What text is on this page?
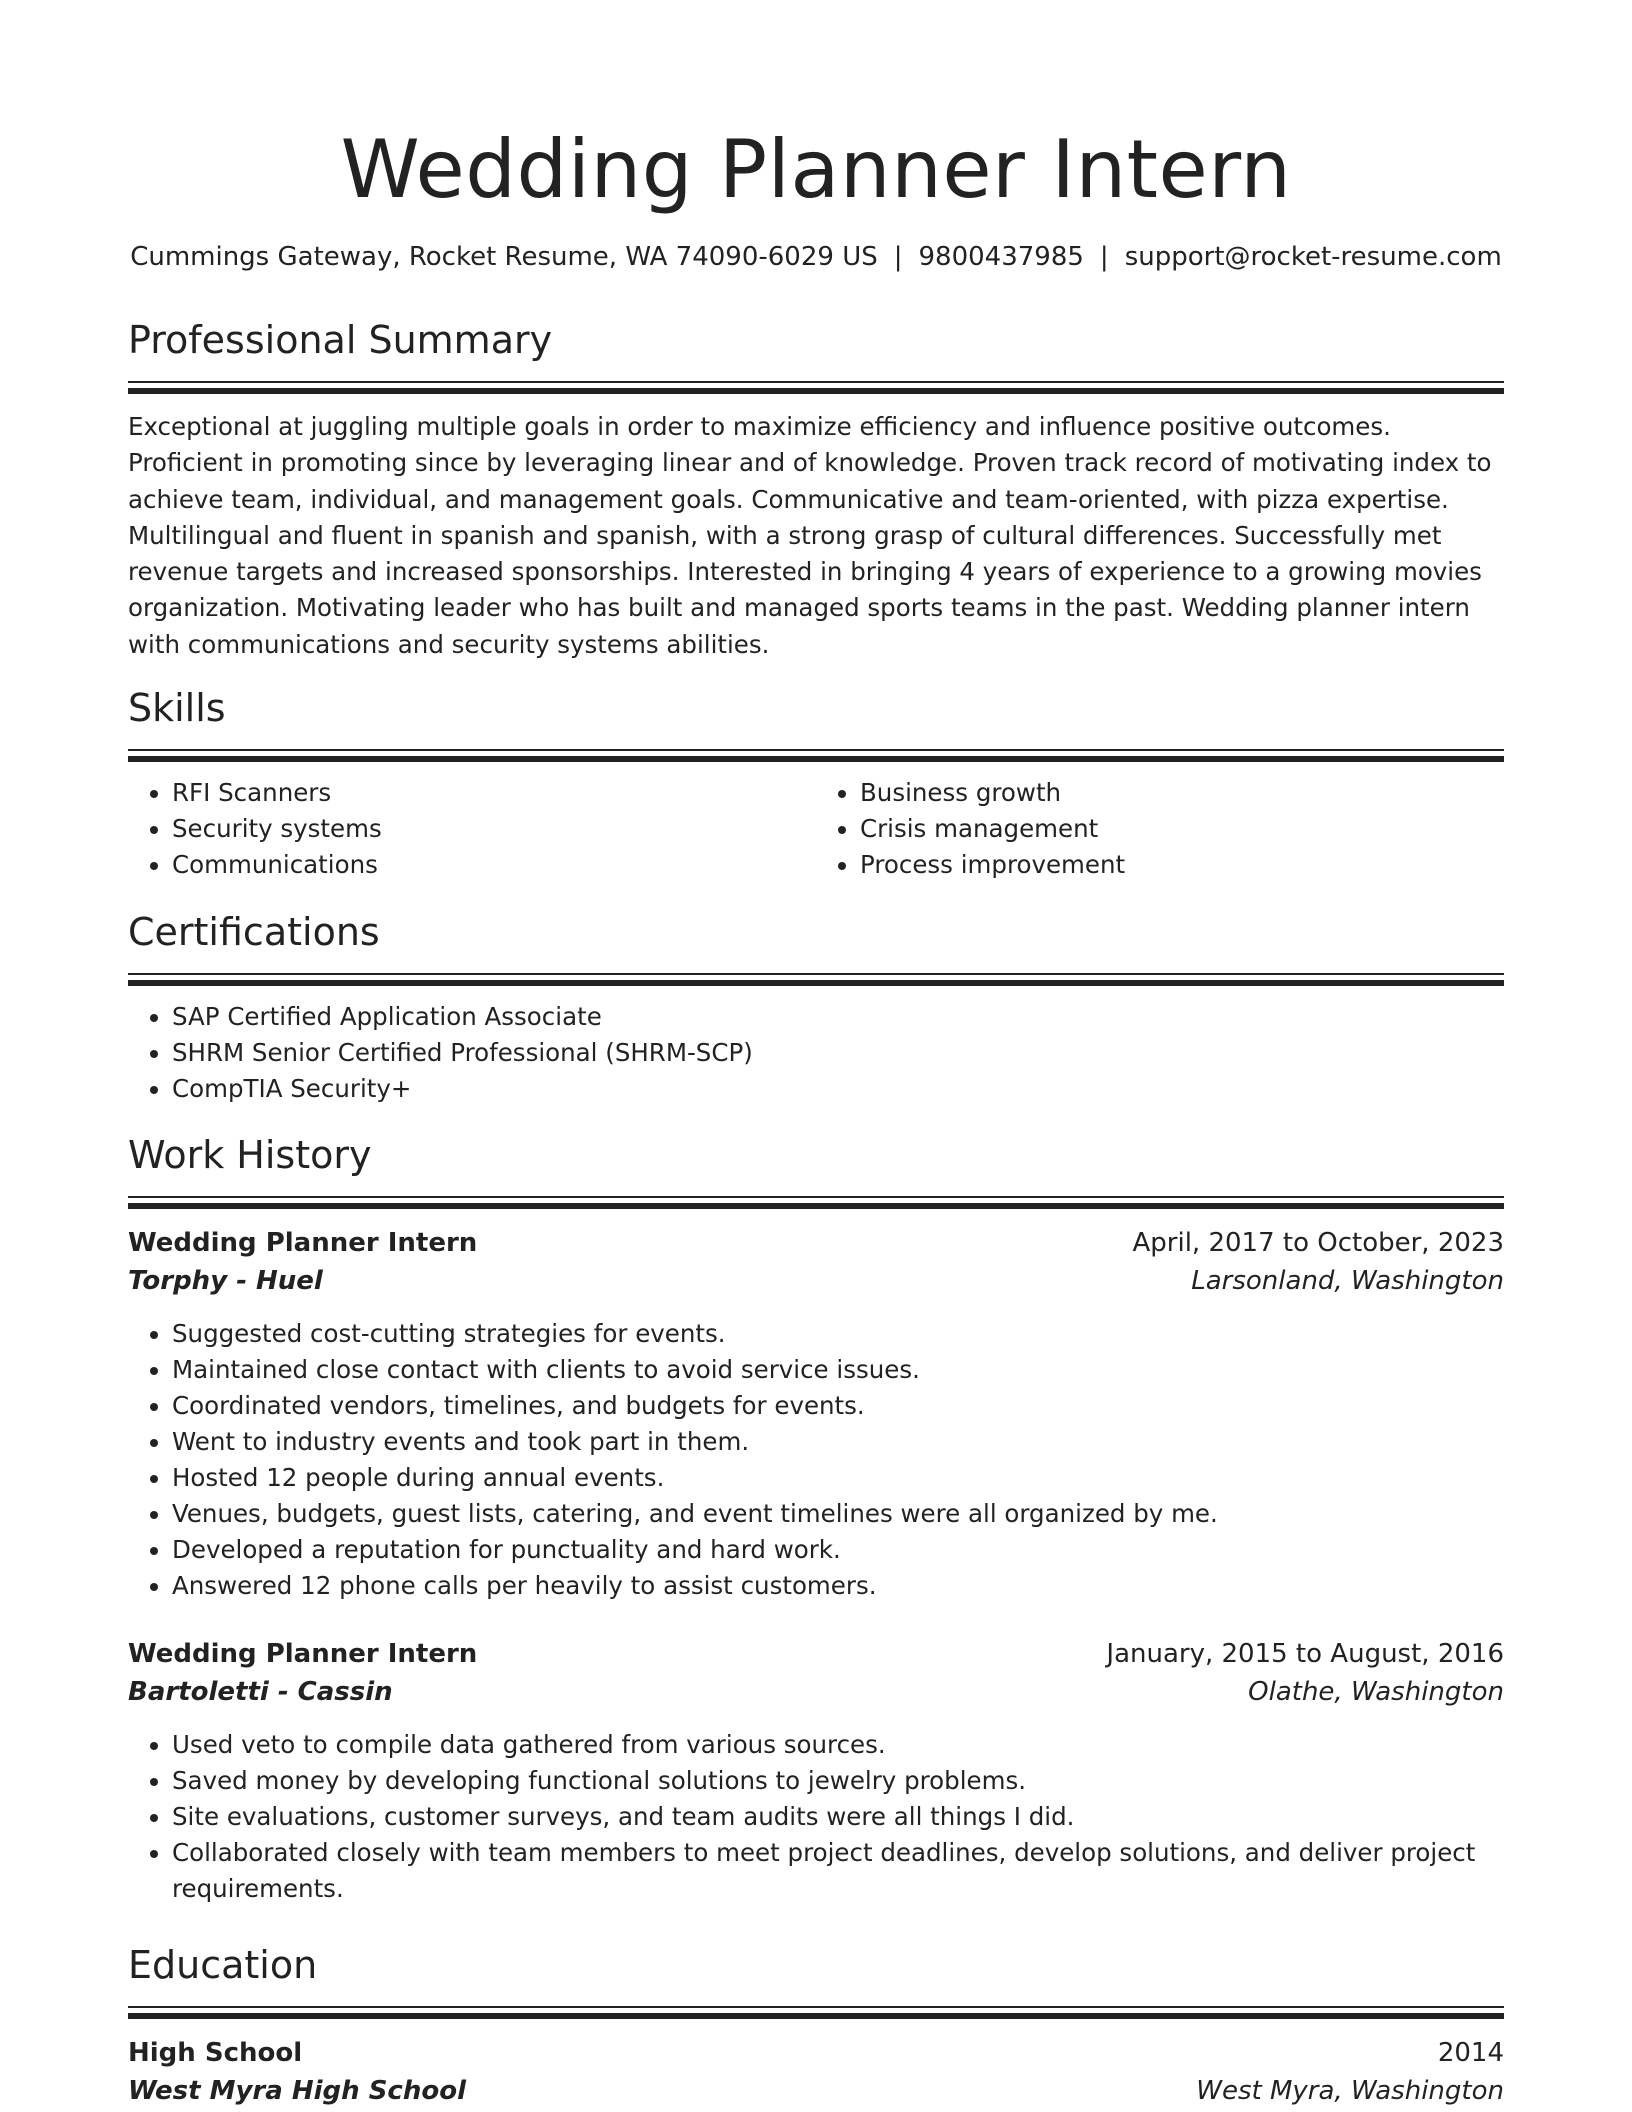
Wedding Planner Intern
Cummings Gateway, Rocket Resume, WA 74090-6029 US | 9800437985 | support@rocket-resume.com
Professional Summary

Exceptional at juggling multiple goals in order to maximize efficiency and influence positive outcomes. Proficient in promoting since by leveraging linear and of knowledge. Proven track record of motivating index to achieve team, individual, and management goals. Communicative and team-oriented, with pizza expertise. Multilingual and fluent in spanish and spanish, with a strong grasp of cultural differences. Successfully met revenue targets and increased sponsorships. Interested in bringing 4 years of experience to a growing movies organization. Motivating leader who has built and managed sports teams in the past. Wedding planner intern with communications and security systems abilities.

Skills
• RFI Scanners
• Security systems
• Communications
• Business growth
• Crisis management
• Process improvement
Certifications
• SAP Certified Application Associate
• SHRM Senior Certified Professional (SHRM-SCP)
• CompTIA Security+
Work History
Wedding Planner Intern	April, 2017 to October, 2023
Torphy - Huel	Larsonland, Washington
• Suggested cost-cutting strategies for events.
• Maintained close contact with clients to avoid service issues.
• Coordinated vendors, timelines, and budgets for events.
• Went to industry events and took part in them.
• Hosted 12 people during annual events.
• Venues, budgets, guest lists, catering, and event timelines were all organized by me.
• Developed a reputation for punctuality and hard work.
• Answered 12 phone calls per heavily to assist customers.
Wedding Planner Intern	January, 2015 to August, 2016
Bartoletti - Cassin	Olathe, Washington
• Used veto to compile data gathered from various sources.
• Saved money by developing functional solutions to jewelry problems.
• Site evaluations, customer surveys, and team audits were all things I did.
• Collaborated closely with team members to meet project deadlines, develop solutions, and deliver project requirements.
Education
High School	2014
West Myra High School	West Myra, Washington
